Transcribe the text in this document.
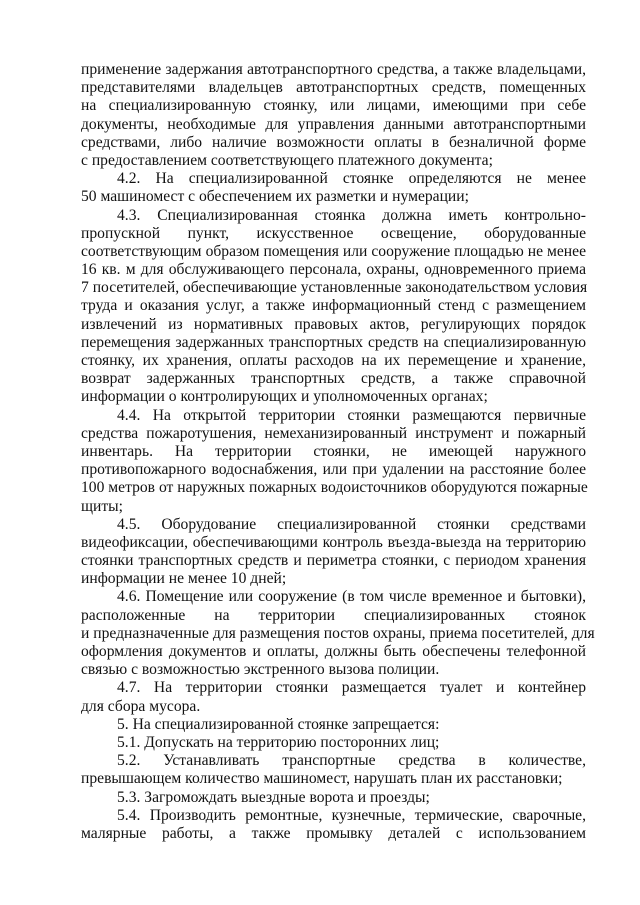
применение задержания автотранспортного средства, а также владельцами,
представителями владельцев автотранспортных средств, помещенных
на специализированную стоянку, или лицами, имеющими при себе
документы, необходимые для управления данными автотранспортными
средствами, либо наличие возможности оплаты в безналичной форме
с предоставлением соответствующего платежного документа;
4.2. На специализированной стоянке определяются не менее
50 машиномест с обеспечением их разметки и нумерации;
4.3. Специализированная стоянка должна иметь контрольно-
пропускной пункт, искусственное освещение, оборудованные
соответствующим образом помещения или сооружение площадью не менее
16 кв. м для обслуживающего персонала, охраны, одновременного приема
7 посетителей, обеспечивающие установленные законодательством условия
труда и оказания услуг, а также информационный стенд с размещением
извлечений из нормативных правовых актов, регулирующих порядок
перемещения задержанных транспортных средств на специализированную
стоянку, их хранения, оплаты расходов на их перемещение и хранение,
возврат задержанных транспортных средств, а также справочной
информации о контролирующих и уполномоченных органах;
4.4. На открытой территории стоянки размещаются первичные
средства пожаротушения, немеханизированный инструмент и пожарный
инвентарь. На территории стоянки, не имеющей наружного
противопожарного водоснабжения, или при удалении на расстояние более
100 метров от наружных пожарных водоисточников оборудуются пожарные
щиты;
4.5. Оборудование специализированной стоянки средствами
видеофиксации, обеспечивающими контроль въезда-выезда на территорию
стоянки транспортных средств и периметра стоянки, с периодом хранения
информации не менее 10 дней;
4.6. Помещение или сооружение (в том числе временное и бытовки),
расположенные на территории специализированных стоянок
и предназначенные для размещения постов охраны, приема посетителей, для
оформления документов и оплаты, должны быть обеспечены телефонной
связью с возможностью экстренного вызова полиции.
4.7. На территории стоянки размещается туалет и контейнер
для сбора мусора.
5. На специализированной стоянке запрещается:
5.1. Допускать на территорию посторонних лиц;
5.2. Устанавливать транспортные средства в количестве,
превышающем количество машиномест, нарушать план их расстановки;
5.3. Загромождать выездные ворота и проезды;
5.4. Производить ремонтные, кузнечные, термические, сварочные,
малярные работы, а также промывку деталей с использованием
